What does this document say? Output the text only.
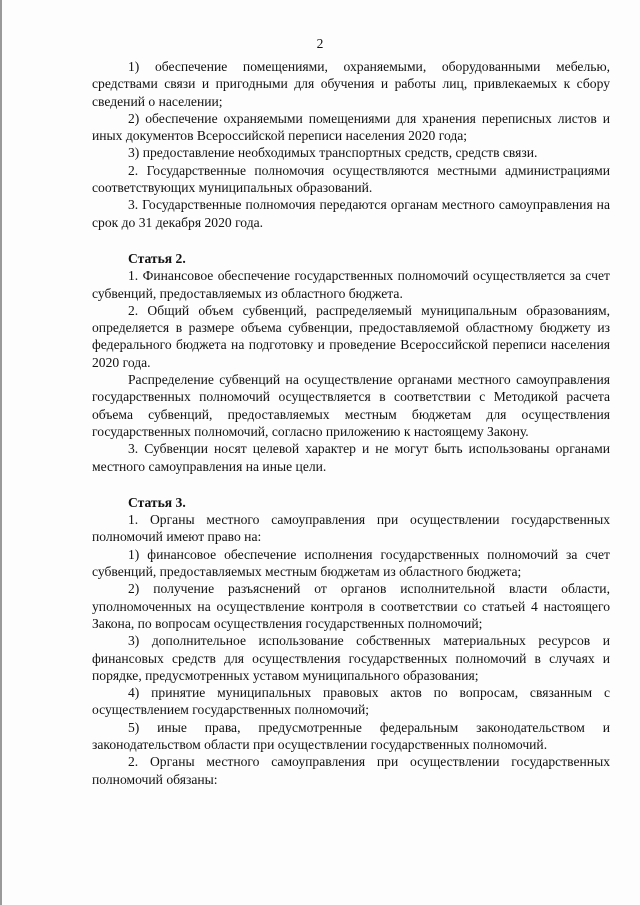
2

1) обеспечение помещениями, охраняемыми, оборудованными мебелью, средствами связи и пригодными для обучения и работы лиц, привлекаемых к сбору сведений о населении;

2) обеспечение охраняемыми помещениями для хранения переписных листов и иных документов Всероссийской переписи населения 2020 года;

3) предоставление необходимых транспортных средств, средств связи.

2. Государственные полномочия осуществляются местными администрациями соответствующих муниципальных образований.

3. Государственные полномочия передаются органам местного самоуправления на срок до 31 декабря 2020 года.

Статья 2.

1. Финансовое обеспечение государственных полномочий осуществляется за счет субвенций, предоставляемых из областного бюджета.

2. Общий объем субвенций, распределяемый муниципальным образованиям, определяется в размере объема субвенции, предоставляемой областному бюджету из федерального бюджета на подготовку и проведение Всероссийской переписи населения 2020 года.

Распределение субвенций на осуществление органами местного самоуправления государственных полномочий осуществляется в соответствии с Методикой расчета объема субвенций, предоставляемых местным бюджетам для осуществления государственных полномочий, согласно приложению к настоящему Закону.

3. Субвенции носят целевой характер и не могут быть использованы органами местного самоуправления на иные цели.

Статья 3.

1. Органы местного самоуправления при осуществлении государственных полномочий имеют право на:

1) финансовое обеспечение исполнения государственных полномочий за счет субвенций, предоставляемых местным бюджетам из областного бюджета;

2) получение разъяснений от органов исполнительной власти области, уполномоченных на осуществление контроля в соответствии со статьей 4 настоящего Закона, по вопросам осуществления государственных полномочий;

3) дополнительное использование собственных материальных ресурсов и финансовых средств для осуществления государственных полномочий в случаях и порядке, предусмотренных уставом муниципального образования;

4) принятие муниципальных правовых актов по вопросам, связанным с осуществлением государственных полномочий;

5) иные права, предусмотренные федеральным законодательством и законодательством области при осуществлении государственных полномочий.

2. Органы местного самоуправления при осуществлении государственных полномочий обязаны:
